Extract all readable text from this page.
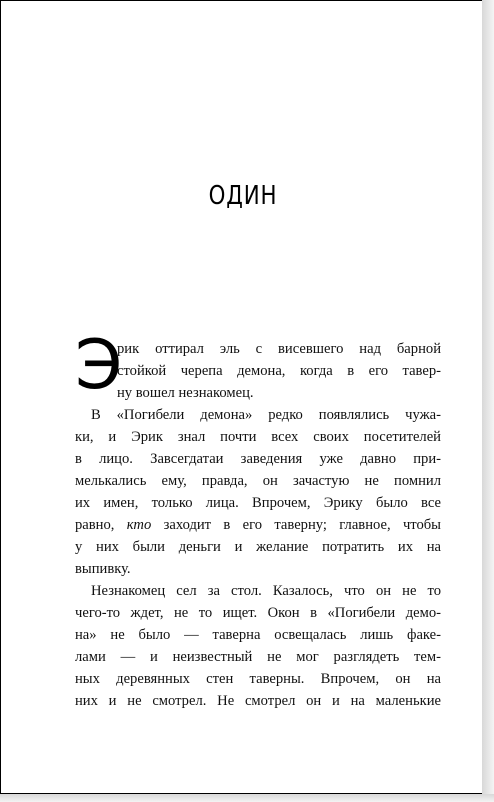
ОДИН
Э
рик оттирал эль с висевшего над барной
стойкой черепа демона, когда в его тавер-
ну вошел незнакомец.
В «Погибели демона» редко появлялись чужа-
ки, и Эрик знал почти всех своих посетителей
в лицо. Завсегдатаи заведения уже давно при-
мелькались ему, правда, он зачастую не помнил
их имен, только лица. Впрочем, Эрику было все
равно, кто заходит в его таверну; главное, чтобы
у них были деньги и желание потратить их на
выпивку.
Незнакомец сел за стол. Казалось, что он не то
чего-то ждет, не то ищет. Окон в «Погибели демо-
на» не было — таверна освещалась лишь факе-
лами — и неизвестный не мог разглядеть тем-
ных деревянных стен таверны. Впрочем, он на
них и не смотрел. Не смотрел он и на маленькие
